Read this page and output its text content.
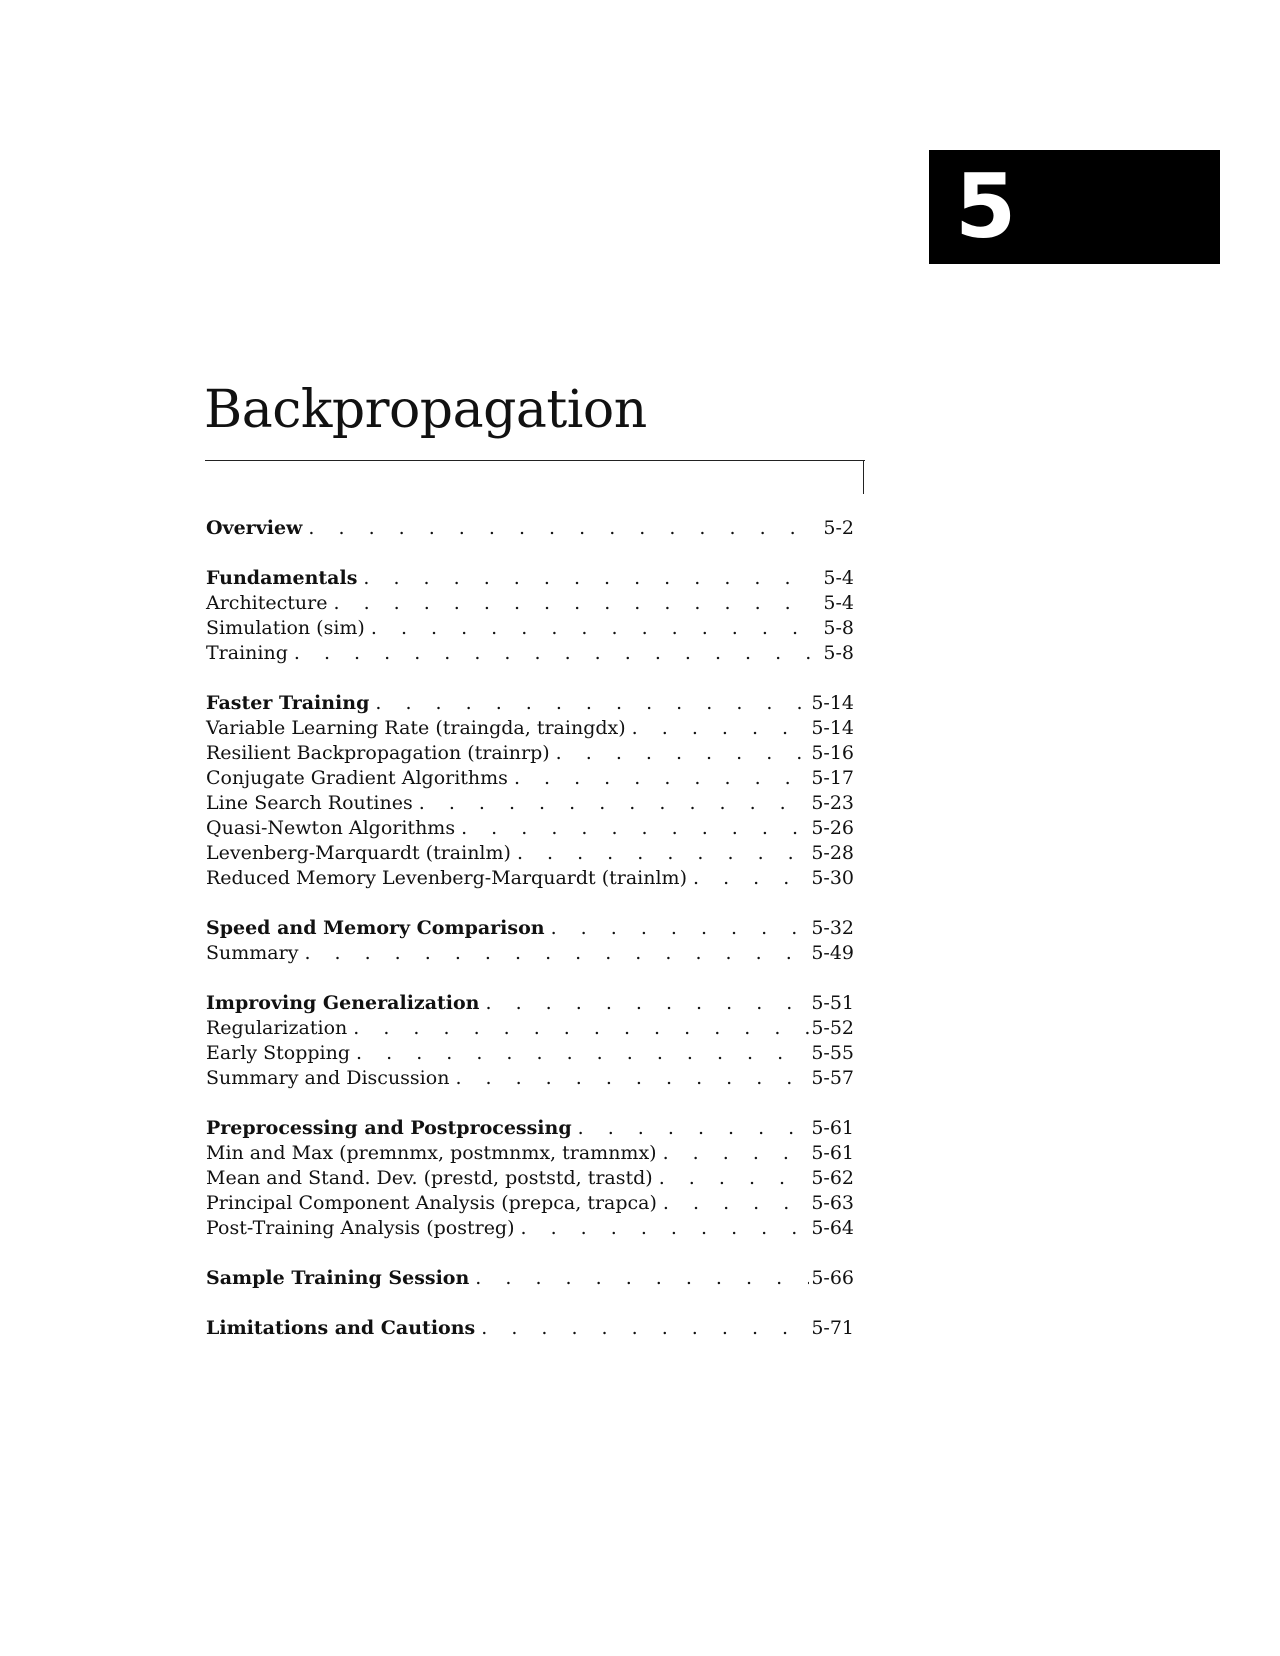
5
Backpropagation
Overview . . .	5-2
Fundamentals . . .	5-4
Architecture . . .	5-4
Simulation (sim) . . .	5-8
Training . . .	5-8
Faster Training . . .	5-14
Variable Learning Rate (traingda, traingdx) . . .	5-14
Resilient Backpropagation (trainrp) . . .	5-16
Conjugate Gradient Algorithms . . .	5-17
Line Search Routines . . .	5-23
Quasi-Newton Algorithms . . .	5-26
Levenberg-Marquardt (trainlm) . . .	5-28
Reduced Memory Levenberg-Marquardt (trainlm) . . .	5-30
Speed and Memory Comparison . . .	5-32
Summary . . .	5-49
Improving Generalization . . .	5-51
Regularization . . .	5-52
Early Stopping . . .	5-55
Summary and Discussion . . .	5-57
Preprocessing and Postprocessing . . .	5-61
Min and Max (premnmx, postmnmx, tramnmx) . . .	5-61
Mean and Stand. Dev. (prestd, poststd, trastd) . . .	5-62
Principal Component Analysis (prepca, trapca) . . .	5-63
Post-Training Analysis (postreg) . . .	5-64
Sample Training Session . . .	5-66
Limitations and Cautions . . .	5-71
